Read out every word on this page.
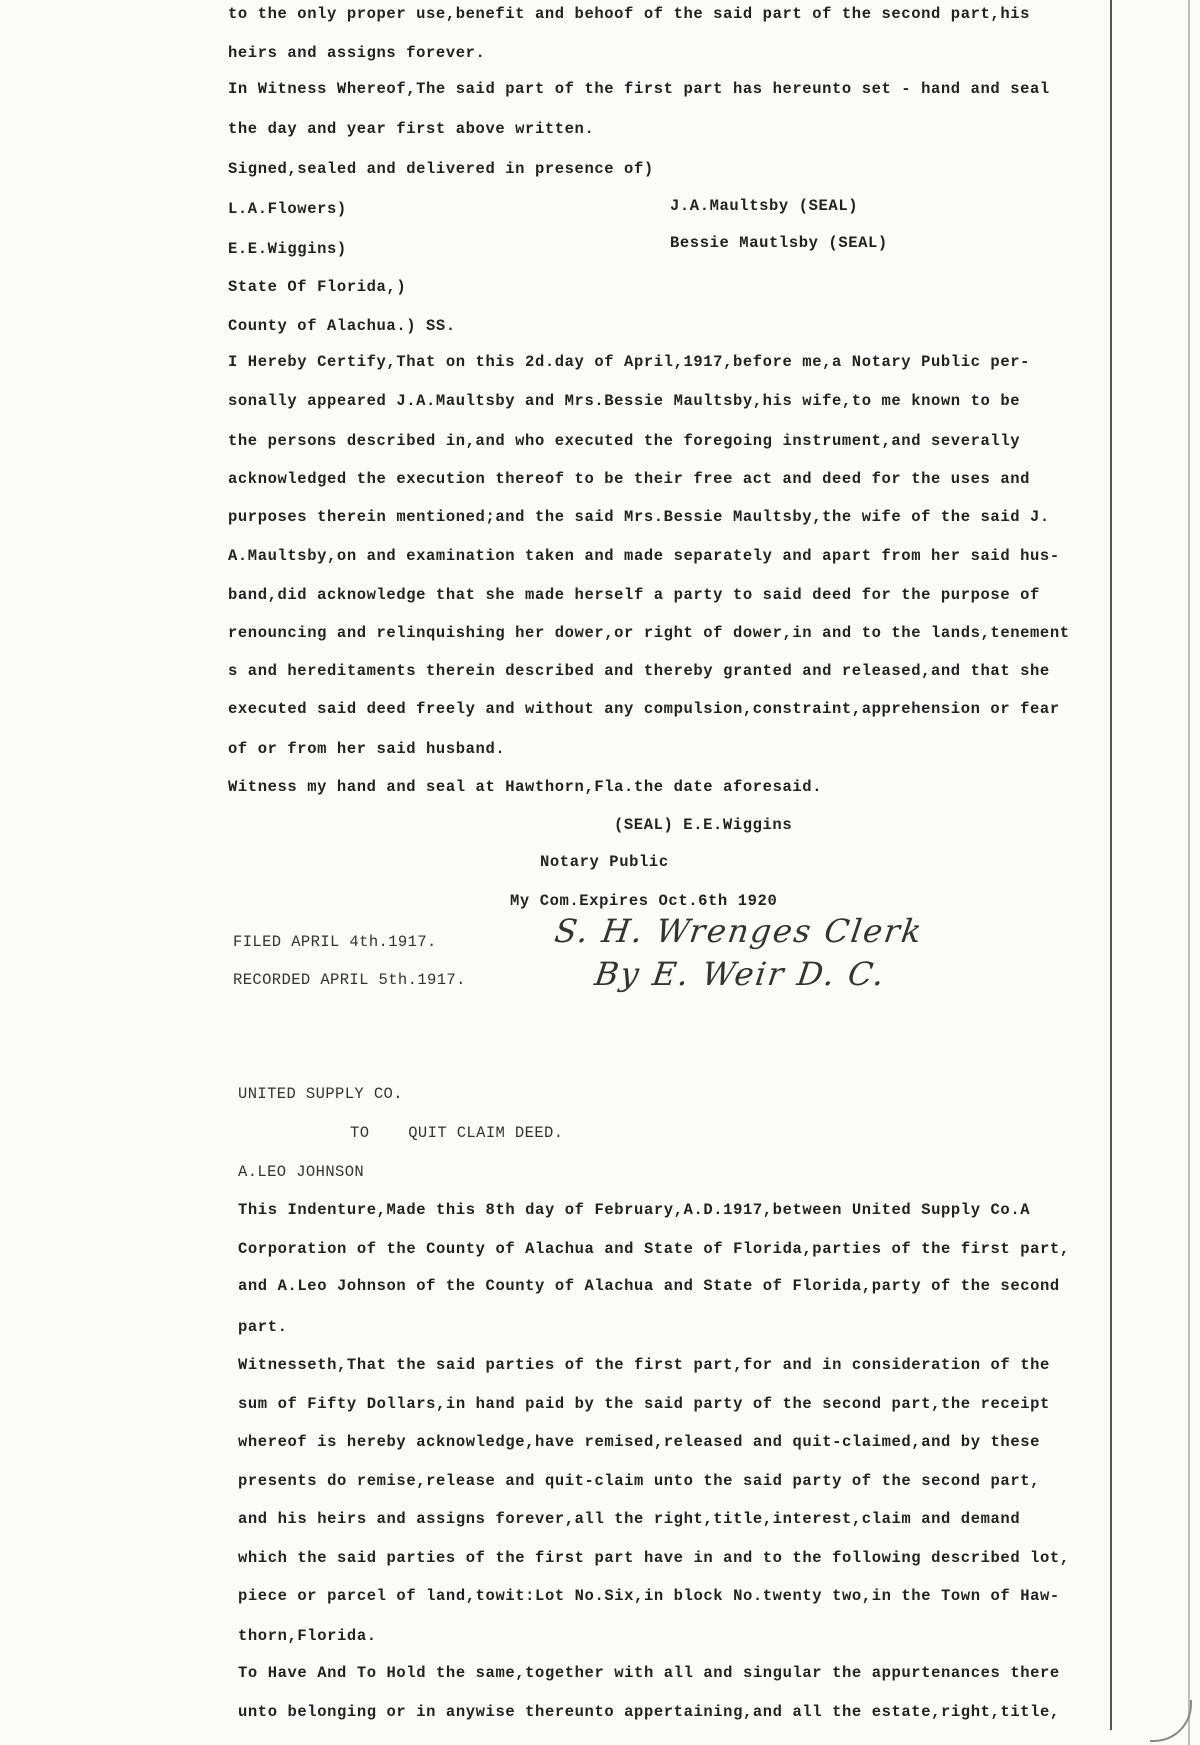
to the only proper use,benefit and behoof of the said part of the second part,his
heirs and assigns forever.
In Witness Whereof,The said part of the first part has hereunto set - hand and seal
the day and year first above written.
Signed,sealed and delivered in presence of)
L.A.Flowers)	J.A.Maultsby (SEAL)
E.E.Wiggins)	Bessie Mautlsby (SEAL)
State Of Florida,)
County of Alachua.) SS.
I Hereby Certify,That on this 2d.day of April,1917,before me,a Notary Public per-
sonally appeared J.A.Maultsby and Mrs.Bessie Maultsby,his wife,to me known to be
the persons described in,and who executed the foregoing instrument,and severally
acknowledged the execution thereof to be their free act and deed for the uses and
purposes therein mentioned;and the said Mrs.Bessie Maultsby,the wife of the said J.
A.Maultsby,on and examination taken and made separately and apart from her said hus-
band,did acknowledge that she made herself a party to said deed for the purpose of
renouncing and relinquishing her dower,or right of dower,in and to the lands,tenement
s and hereditaments therein described and thereby granted and released,and that she
executed said deed freely and without any compulsion,constraint,apprehension or fear
of or from her said husband.
Witness my hand and seal at Hawthorn,Fla.the date aforesaid.
(SEAL) E.E.Wiggins
Notary Public
My Com.Expires Oct.6th 1920
FILED APRIL 4th.1917.
RECORDED APRIL 5th.1917.
S. H. Wrenges Clerk
By E. Weir D. C.
UNITED SUPPLY CO.
TO    QUIT CLAIM DEED.
A.LEO JOHNSON
This Indenture,Made this 8th day of February,A.D.1917,between United Supply Co.A
Corporation of the County of Alachua and State of Florida,parties of the first part,
and A.Leo Johnson of the County of Alachua and State of Florida,party of the second
part.
Witnesseth,That the said parties of the first part,for and in consideration of the
sum of Fifty Dollars,in hand paid by the said party of the second part,the receipt
whereof is hereby acknowledge,have remised,released and quit-claimed,and by these
presents do remise,release and quit-claim unto the said party of the second part,
and his heirs and assigns forever,all the right,title,interest,claim and demand
which the said parties of the first part have in and to the following described lot,
piece or parcel of land,towit:Lot No.Six,in block No.twenty two,in the Town of Haw-
thorn,Florida.
To Have And To Hold the same,together with all and singular the appurtenances there
unto belonging or in anywise thereunto appertaining,and all the estate,right,title,
